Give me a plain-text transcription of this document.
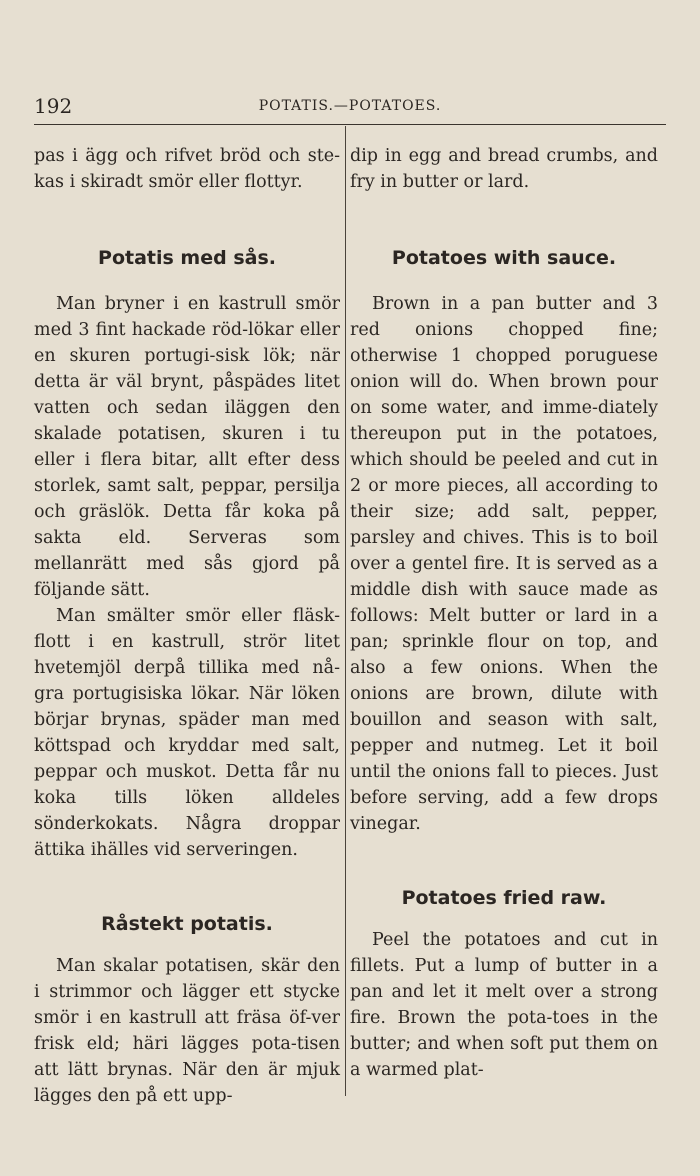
192	POTATIS.—POTATOES.

pas i ägg och rifvet bröd och ste-kas i skiradt smör eller flottyr.

Potatis med sås.

Man bryner i en kastrull smör med 3 fint hackade röd-lökar eller en skuren portugi-sisk lök; när detta är väl brynt, påspädes litet vatten och sedan iläggen den skalade potatisen, skuren i tu eller i flera bitar, allt efter dess storlek, samt salt, peppar, persilja och gräslök. Detta får koka på sakta eld. Serveras som mellanrätt med sås gjord på följande sätt.

Man smälter smör eller fläsk-flott i en kastrull, strör litet hvetemjöl derpå tillika med nå-gra portugisiska lökar. När löken börjar brynas, späder man med köttspad och kryddar med salt, peppar och muskot. Detta får nu koka tills löken alldeles sönderkokats. Några droppar ättika ihälles vid serveringen.

Råstekt potatis.

Man skalar potatisen, skär den i strimmor och lägger ett stycke smör i en kastrull att fräsa öf-ver frisk eld; häri lägges pota-tisen att lätt brynas. När den är mjuk lägges den på ett upp-

dip in egg and bread crumbs, and fry in butter or lard.

Potatoes with sauce.

Brown in a pan butter and 3 red onions chopped fine; otherwise 1 chopped poruguese onion will do. When brown pour on some water, and imme-diately thereupon put in the potatoes, which should be peeled and cut in 2 or more pieces, all according to their size; add salt, pepper, parsley and chives. This is to boil over a gentel fire. It is served as a middle dish with sauce made as follows: Melt butter or lard in a pan; sprinkle flour on top, and also a few onions. When the onions are brown, dilute with bouillon and season with salt, pepper and nutmeg. Let it boil until the onions fall to pieces. Just before serving, add a few drops vinegar.

Potatoes fried raw.

Peel the potatoes and cut in fillets. Put a lump of butter in a pan and let it melt over a strong fire. Brown the pota-toes in the butter; and when soft put them on a warmed plat-
